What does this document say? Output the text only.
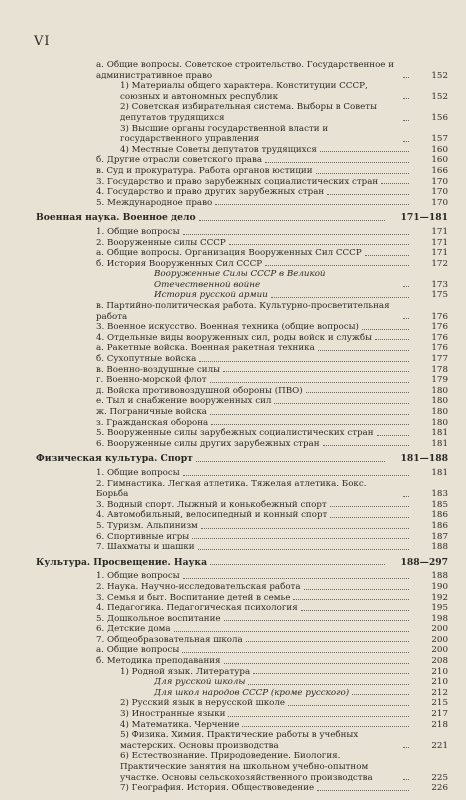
VI
а. Общие вопросы. Советское строительство. Государственное и административное право	152
1) Материалы общего характера. Конституции СССР, союзных и автономных республик	152
2) Советская избирательная система. Выборы в Советы депутатов трудящихся	156
3) Высшие органы государственной власти и государственного управления	157
4) Местные Советы депутатов трудящихся	160
б. Другие отрасли советского права	160
в. Суд и прокуратура. Работа органов юстиции	166
3. Государство и право зарубежных социалистических стран	170
4. Государство и право других зарубежных стран	170
5. Международное право	170
Военная наука. Военное дело	171—181
1. Общие вопросы	171
2. Вооруженные силы СССР	171
а. Общие вопросы. Организация Вооруженных Сил СССР	171
б. История Вооруженных Сил СССР	172
Вооруженные Силы СССР в Великой Отечественной войне	173
История русской армии	175
в. Партийно-политическая работа. Культурно-просветительная работа	176
3. Военное искусство. Военная техника (общие вопросы)	176
4. Отдельные виды вооруженных сил, роды войск и службы	176
а. Ракетные войска. Военная ракетная техника	176
б. Сухопутные войска	177
в. Военно-воздушные силы	178
г. Военно-морской флот	179
д. Войска противовоздушной обороны (ПВО)	180
е. Тыл и снабжение вооруженных сил	180
ж. Пограничные войска	180
з. Гражданская оборона	180
5. Вооруженные силы зарубежных социалистических стран	181
6. Вооруженные силы других зарубежных стран	181
Физическая культура. Спорт	181—188
1. Общие вопросы	181
2. Гимнастика. Легкая атлетика. Тяжелая атлетика. Бокс. Борьба	183
3. Водный спорт. Лыжный и конькобежный спорт	185
4. Автомобильный, велосипедный и конный спорт	186
5. Туризм. Альпинизм	186
6. Спортивные игры	187
7. Шахматы и шашки	188
Культура. Просвещение. Наука	188—297
1. Общие вопросы	188
2. Наука. Научно-исследовательская работа	190
3. Семья и быт. Воспитание детей в семье	192
4. Педагогика. Педагогическая психология	195
5. Дошкольное воспитание	198
6. Детские дома	200
7. Общеобразовательная школа	200
а. Общие вопросы	200
б. Методика преподавания	208
1) Родной язык. Литература	210
Для русской школы	210
Для школ народов СССР (кроме русского)	212
2) Русский язык в нерусской школе	215
3) Иностранные языки	217
4) Математика. Черчение	218
5) Физика. Химия. Практические работы в учебных мастерских. Основы производства	221
6) Естествознание. Природоведение. Биология. Практические занятия на школьном учебно-опытном участке. Основы сельскохозяйственного производства	225
7) География. История. Обществоведение	226
